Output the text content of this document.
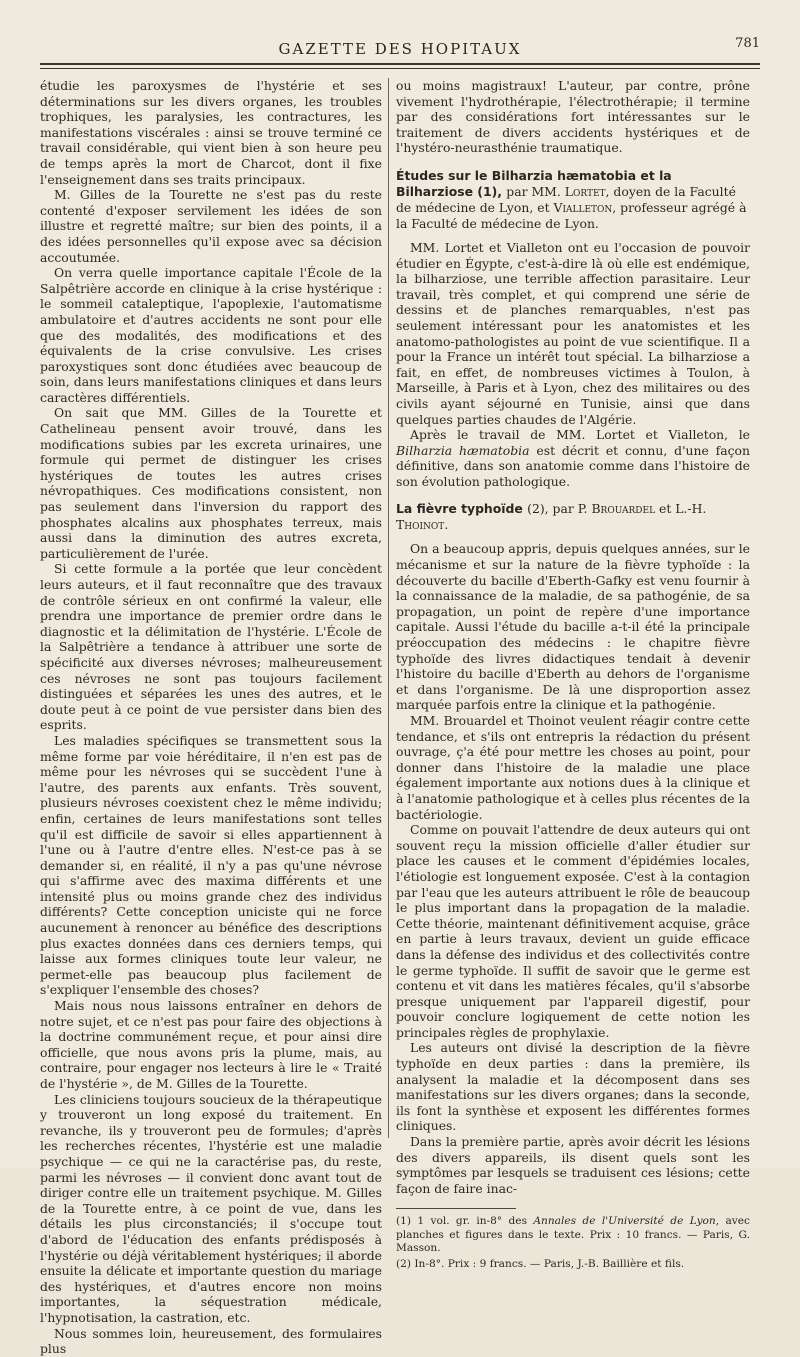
GAZETTE DES HOPITAUX	781

étudie les paroxysmes de l'hystérie et ses déterminations sur les divers organes, les troubles trophiques, les paralysies, les contractures, les manifestations viscérales : ainsi se trouve terminé ce travail considérable, qui vient bien à son heure peu de temps après la mort de Charcot, dont il fixe l'enseignement dans ses traits principaux.

M. Gilles de la Tourette ne s'est pas du reste contenté d'exposer servilement les idées de son illustre et regretté maître; sur bien des points, il a des idées personnelles qu'il expose avec sa décision accoutumée.

On verra quelle importance capitale l'École de la Salpêtrière accorde en clinique à la crise hystérique : le sommeil cataleptique, l'apoplexie, l'automatisme ambulatoire et d'autres accidents ne sont pour elle que des modalités, des modifications et des équivalents de la crise convulsive. Les crises paroxystiques sont donc étudiées avec beaucoup de soin, dans leurs manifestations cliniques et dans leurs caractères différentiels.

On sait que MM. Gilles de la Tourette et Cathelineau pensent avoir trouvé, dans les modifications subies par les excreta urinaires, une formule qui permet de distinguer les crises hystériques de toutes les autres crises névropathiques. Ces modifications consistent, non pas seulement dans l'inversion du rapport des phosphates alcalins aux phosphates terreux, mais aussi dans la diminution des autres excreta, particulièrement de l'urée.

Si cette formule a la portée que leur concèdent leurs auteurs, et il faut reconnaître que des travaux de contrôle sérieux en ont confirmé la valeur, elle prendra une importance de premier ordre dans le diagnostic et la délimitation de l'hystérie. L'École de la Salpêtrière a tendance à attribuer une sorte de spécificité aux diverses névroses; malheureusement ces névroses ne sont pas toujours facilement distinguées et séparées les unes des autres, et le doute peut à ce point de vue persister dans bien des esprits.

Les maladies spécifiques se transmettent sous la même forme par voie héréditaire, il n'en est pas de même pour les névroses qui se succèdent l'une à l'autre, des parents aux enfants. Très souvent, plusieurs névroses coexistent chez le même individu; enfin, certaines de leurs manifestations sont telles qu'il est difficile de savoir si elles appartiennent à l'une ou à l'autre d'entre elles. N'est-ce pas à se demander si, en réalité, il n'y a pas qu'une névrose qui s'affirme avec des maxima différents et une intensité plus ou moins grande chez des individus différents? Cette conception uniciste qui ne force aucunement à renoncer au bénéfice des descriptions plus exactes données dans ces derniers temps, qui laisse aux formes cliniques toute leur valeur, ne permet-elle pas beaucoup plus facilement de s'expliquer l'ensemble des choses?

Mais nous nous laissons entraîner en dehors de notre sujet, et ce n'est pas pour faire des objections à la doctrine communément reçue, et pour ainsi dire officielle, que nous avons pris la plume, mais, au contraire, pour engager nos lecteurs à lire le « Traité de l'hystérie », de M. Gilles de la Tourette.

Les cliniciens toujours soucieux de la thérapeutique y trouveront un long exposé du traitement. En revanche, ils y trouveront peu de formules; d'après les recherches récentes, l'hystérie est une maladie psychique — ce qui ne la caractérise pas, du reste, parmi les névroses — il convient donc avant tout de diriger contre elle un traitement psychique. M. Gilles de la Tourette entre, à ce point de vue, dans les détails les plus circonstanciés; il s'occupe tout d'abord de l'éducation des enfants prédisposés à l'hystérie ou déjà véritablement hystériques; il aborde ensuite la délicate et importante question du mariage des hystériques, et d'autres encore non moins importantes, la séquestration médicale, l'hypnotisation, la castration, etc.

Nous sommes loin, heureusement, des formulaires plus

ou moins magistraux! L'auteur, par contre, prône vivement l'hydrothérapie, l'électrothérapie; il termine par des considérations fort intéressantes sur le traitement de divers accidents hystériques et de l'hystéro-neurasthénie traumatique.

Études sur le Bilharzia hæmatobia et la Bilharziose (1), par MM. Lortet, doyen de la Faculté de médecine de Lyon, et Vialleton, professeur agrégé à la Faculté de médecine de Lyon.

MM. Lortet et Vialleton ont eu l'occasion de pouvoir étudier en Égypte, c'est-à-dire là où elle est endémique, la bilharziose, une terrible affection parasitaire. Leur travail, très complet, et qui comprend une série de dessins et de planches remarquables, n'est pas seulement intéressant pour les anatomistes et les anatomo-pathologistes au point de vue scientifique. Il a pour la France un intérêt tout spécial. La bilharziose a fait, en effet, de nombreuses victimes à Toulon, à Marseille, à Paris et à Lyon, chez des militaires ou des civils ayant séjourné en Tunisie, ainsi que dans quelques parties chaudes de l'Algérie.

Après le travail de MM. Lortet et Vialleton, le Bilharzia hæmatobia est décrit et connu, d'une façon définitive, dans son anatomie comme dans l'histoire de son évolution pathologique.

La fièvre typhoïde (2), par P. Brouardel et L.-H. Thoinot.

On a beaucoup appris, depuis quelques années, sur le mécanisme et sur la nature de la fièvre typhoïde : la découverte du bacille d'Eberth-Gafky est venu fournir à la connaissance de la maladie, de sa pathogénie, de sa propagation, un point de repère d'une importance capitale. Aussi l'étude du bacille a-t-il été la principale préoccupation des médecins : le chapitre fièvre typhoïde des livres didactiques tendait à devenir l'histoire du bacille d'Eberth au dehors de l'organisme et dans l'organisme. De là une disproportion assez marquée parfois entre la clinique et la pathogénie.

MM. Brouardel et Thoinot veulent réagir contre cette tendance, et s'ils ont entrepris la rédaction du présent ouvrage, ç'a été pour mettre les choses au point, pour donner dans l'histoire de la maladie une place également importante aux notions dues à la clinique et à l'anatomie pathologique et à celles plus récentes de la bactériologie.

Comme on pouvait l'attendre de deux auteurs qui ont souvent reçu la mission officielle d'aller étudier sur place les causes et le comment d'épidémies locales, l'étiologie est longuement exposée. C'est à la contagion par l'eau que les auteurs attribuent le rôle de beaucoup le plus important dans la propagation de la maladie. Cette théorie, maintenant définitivement acquise, grâce en partie à leurs travaux, devient un guide efficace dans la défense des individus et des collectivités contre le germe typhoïde. Il suffit de savoir que le germe est contenu et vit dans les matières fécales, qu'il s'absorbe presque uniquement par l'appareil digestif, pour pouvoir conclure logiquement de cette notion les principales règles de prophylaxie.

Les auteurs ont divisé la description de la fièvre typhoïde en deux parties : dans la première, ils analysent la maladie et la décomposent dans ses manifestations sur les divers organes; dans la seconde, ils font la synthèse et exposent les différentes formes cliniques.

Dans la première partie, après avoir décrit les lésions des divers appareils, ils disent quels sont les symptômes par lesquels se traduisent ces lésions; cette façon de faire inac-

(1) 1 vol. gr. in-8° des Annales de l'Université de Lyon, avec planches et figures dans le texte. Prix : 10 francs. — Paris, G. Masson.

(2) In-8°. Prix : 9 francs. — Paris, J.-B. Baillière et fils.
